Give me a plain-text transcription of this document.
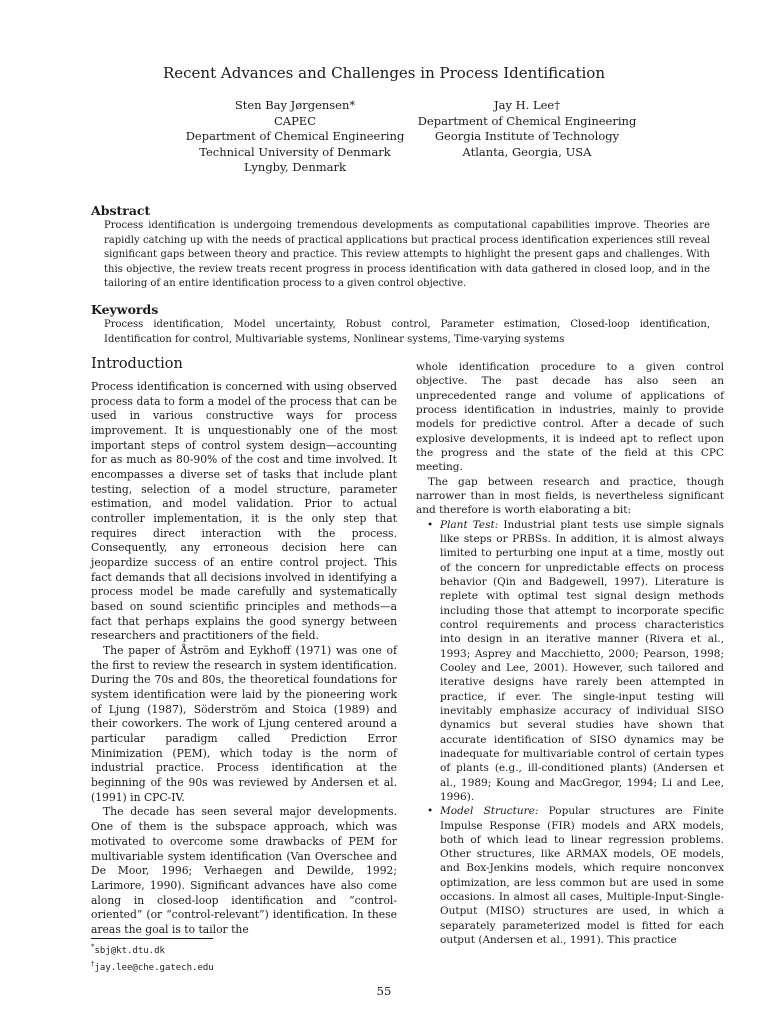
Recent Advances and Challenges in Process Identification
Sten Bay Jørgensen*
CAPEC
Department of Chemical Engineering
Technical University of Denmark
Lyngby, Denmark
Jay H. Lee†
Department of Chemical Engineering
Georgia Institute of Technology
Atlanta, Georgia, USA
Abstract
Process identification is undergoing tremendous developments as computational capabilities improve. Theories are rapidly catching up with the needs of practical applications but practical process identification experiences still reveal significant gaps between theory and practice. This review attempts to highlight the present gaps and challenges. With this objective, the review treats recent progress in process identification with data gathered in closed loop, and in the tailoring of an entire identification process to a given control objective.
Keywords
Process identification, Model uncertainty, Robust control, Parameter estimation, Closed-loop identification, Identification for control, Multivariable systems, Nonlinear systems, Time-varying systems
Introduction

Process identification is concerned with using observed process data to form a model of the process that can be used in various constructive ways for process improvement. It is unquestionably one of the most important steps of control system design—accounting for as much as 80-90% of the cost and time involved. It encompasses a diverse set of tasks that include plant testing, selection of a model structure, parameter estimation, and model validation. Prior to actual controller implementation, it is the only step that requires direct interaction with the process. Consequently, any erroneous decision here can jeopardize success of an entire control project. This fact demands that all decisions involved in identifying a process model be made carefully and systematically based on sound scientific principles and methods—a fact that perhaps explains the good synergy between researchers and practitioners of the field.

The paper of Åström and Eykhoff (1971) was one of the first to review the research in system identification. During the 70s and 80s, the theoretical foundations for system identification were laid by the pioneering work of Ljung (1987), Söderström and Stoica (1989) and their coworkers. The work of Ljung centered around a particular paradigm called Prediction Error Minimization (PEM), which today is the norm of industrial practice. Process identification at the beginning of the 90s was reviewed by Andersen et al. (1991) in CPC-IV.

The decade has seen several major developments. One of them is the subspace approach, which was motivated to overcome some drawbacks of PEM for multivariable system identification (Van Overschee and De Moor, 1996; Verhaegen and Dewilde, 1992; Larimore, 1990). Significant advances have also come along in closed-loop identification and “control-oriented” (or “control-relevant”) identification. In these areas the goal is to tailor the

whole identification procedure to a given control objective. The past decade has also seen an unprecedented range and volume of applications of process identification in industries, mainly to provide models for predictive control. After a decade of such explosive developments, it is indeed apt to reflect upon the progress and the state of the field at this CPC meeting.

The gap between research and practice, though narrower than in most fields, is nevertheless significant and therefore is worth elaborating a bit:

• Plant Test: Industrial plant tests use simple signals like steps or PRBSs. In addition, it is almost always limited to perturbing one input at a time, mostly out of the concern for unpredictable effects on process behavior (Qin and Badgewell, 1997). Literature is replete with optimal test signal design methods including those that attempt to incorporate specific control requirements and process characteristics into design in an iterative manner (Rivera et al., 1993; Asprey and Macchietto, 2000; Pearson, 1998; Cooley and Lee, 2001). However, such tailored and iterative designs have rarely been attempted in practice, if ever. The single-input testing will inevitably emphasize accuracy of individual SISO dynamics but several studies have shown that accurate identification of SISO dynamics may be inadequate for multivariable control of certain types of plants (e.g., ill-conditioned plants) (Andersen et al., 1989; Koung and MacGregor, 1994; Li and Lee, 1996).
• Model Structure: Popular structures are Finite Impulse Response (FIR) models and ARX models, both of which lead to linear regression problems. Other structures, like ARMAX models, OE models, and Box-Jenkins models, which require nonconvex optimization, are less common but are used in some occasions. In almost all cases, Multiple-Input-Single-Output (MISO) structures are used, in which a separately parameterized model is fitted for each output (Andersen et al., 1991). This practice
*sbj@kt.dtu.dk
†jay.lee@che.gatech.edu
55
